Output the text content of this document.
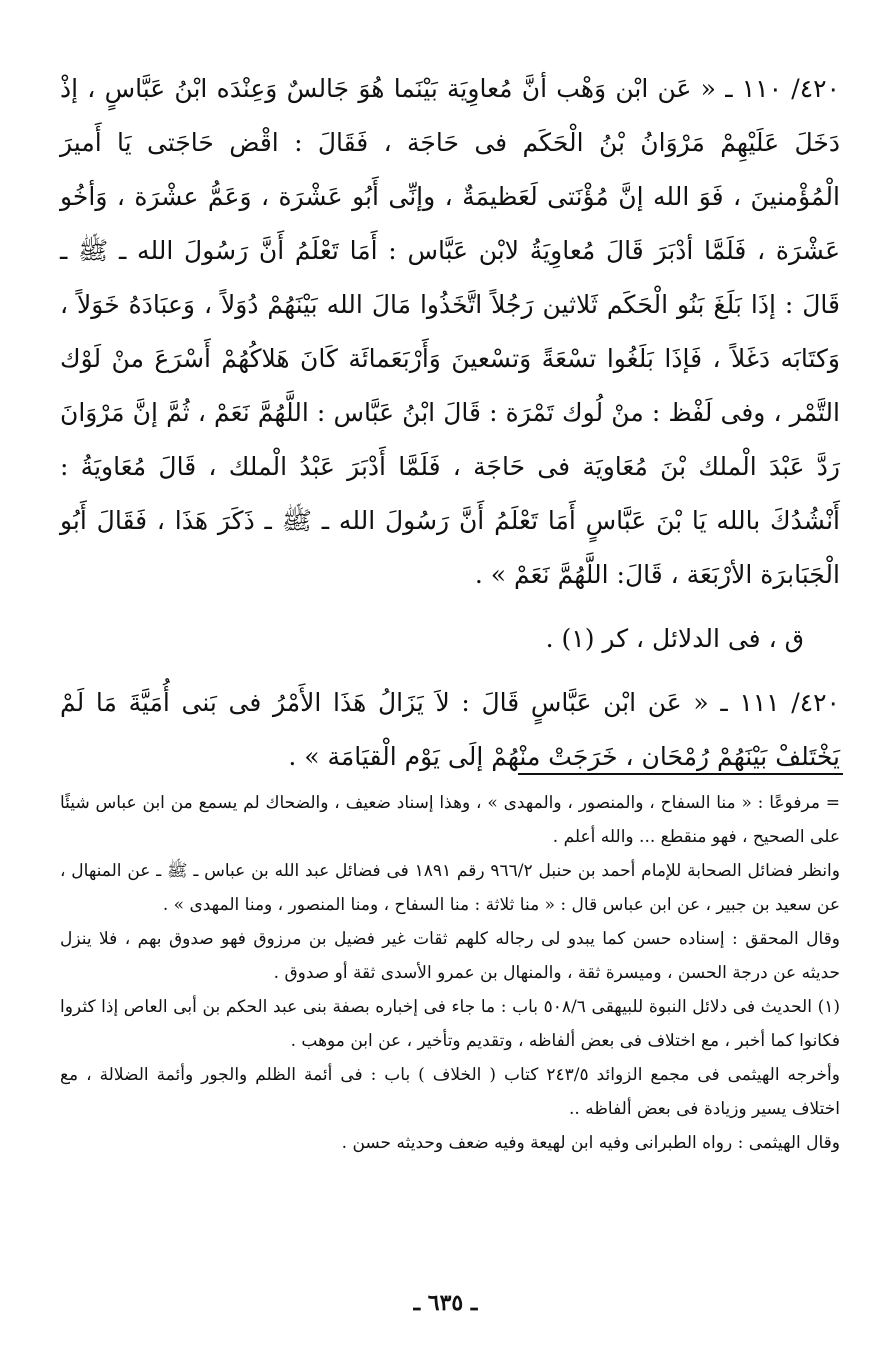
٤٢٠/ ١١٠ ـ « عَن ابْن وَهْب أنَّ مُعاوِيَة بَيْنَما هُوَ جَالسٌ وَعِنْدَه ابْنُ عَبَّاسٍ ، إذْ دَخَلَ عَلَيْهِمْ مَرْوَانُ بْنُ الْحَكَم فى حَاجَة ، فَقَالَ : اقْض حَاجَتى يَا أَميرَ الْمُؤْمنينَ ، فَوَ الله إنَّ مُؤْنَتى لَعَظيمَةٌ ، وإنِّى أَبُو عَشْرَة ، وَعَمُّ عشْرَة ، وَأخُو عَشْرَة ، فَلَمَّا أدْبَرَ قَالَ مُعاوِيَةُ لابْن عَبَّاس : أَمَا تَعْلَمُ أَنَّ رَسُولَ الله ـ ﷺ ـ قَالَ : إذَا بَلَغَ بَنُو الْحَكَم ثَلاثين رَجُلاً اتَّخَذُوا مَالَ الله بَيْنَهُمْ دُوَلاً ، وَعبَادَهُ خَوَلاً ، وَكتَابَه دَغَلاً ، فَإذَا بَلَغُوا تسْعَةً وَتسْعينَ وَأَرْبَعَمائَة كَانَ هَلاكُهُمْ أَسْرَعَ منْ لَوْك التَّمْر ، وفى لَفْظ : منْ لُوك تَمْرَة : قَالَ ابْنُ عَبَّاس : اللَّهُمَّ نَعَمْ ، ثُمَّ إنَّ مَرْوَانَ رَدَّ عَبْدَ الْملك بْنَ مُعَاويَة فى حَاجَة ، فَلَمَّا أَدْبَرَ عَبْدُ الْملك ، قَالَ مُعَاويَةُ : أَنْشُدُكَ بالله يَا بْنَ عَبَّاسٍ أَمَا تَعْلَمُ أَنَّ رَسُولَ الله ـ ﷺ ـ ذَكَرَ هَذَا ، فَقَالَ أَبُو الْجَبَابرَة الأرْبَعَة ، قَالَ: اللَّهُمَّ نَعَمْ » .

ق ، فى الدلائل ، كر (١) .

٤٢٠/ ١١١ ـ « عَن ابْن عَبَّاسٍ قَالَ : لاَ يَزَالُ هَذَا الأَمْرُ فى بَنى أُمَيَّةَ مَا لَمْ يَخْتَلفْ بَيْنَهُمْ رُمْحَان ، خَرَجَتْ منْهُمْ إلَى يَوْم الْقيَامَة » .

= مرفوعًا : « منا السفاح ، والمنصور ، والمهدى » ، وهذا إسناد ضعيف ، والضحاك لم يسمع من ابن عباس شيئًا على الصحيح ، فهو منقطع ... والله أعلم .

وانظر فضائل الصحابة للإمام أحمد بن حنبل ٩٦٦/٢ رقم ١٨٩١ فى فضائل عبد الله بن عباس ـ ﷺ ـ عن المنهال ، عن سعيد بن جبير ، عن ابن عباس قال : « منا ثلاثة : منا السفاح ، ومنا المنصور ، ومنا المهدى » .

وقال المحقق : إسناده حسن كما يبدو لى رجاله كلهم ثقات غير فضيل بن مرزوق فهو صدوق بهم ، فلا ينزل حديثه عن درجة الحسن ، وميسرة ثقة ، والمنهال بن عمرو الأسدى ثقة أو صدوق .

(١) الحديث فى دلائل النبوة للبيهقى ٥٠٨/٦ باب : ما جاء فى إخباره بصفة بنى عبد الحكم بن أبى العاص إذا كثروا فكانوا كما أخبر ، مع اختلاف فى بعض ألفاظه ، وتقديم وتأخير ، عن ابن موهب .

وأخرجه الهيثمى فى مجمع الزوائد ٢٤٣/٥ كتاب ( الخلاف ) باب : فى أئمة الظلم والجور وأئمة الضلالة ، مع اختلاف يسير وزيادة فى بعض ألفاظه ..

وقال الهيثمى : رواه الطبرانى وفيه ابن لهيعة وفيه ضعف وحديثه حسن .

ـ ٦٣٥ ـ
